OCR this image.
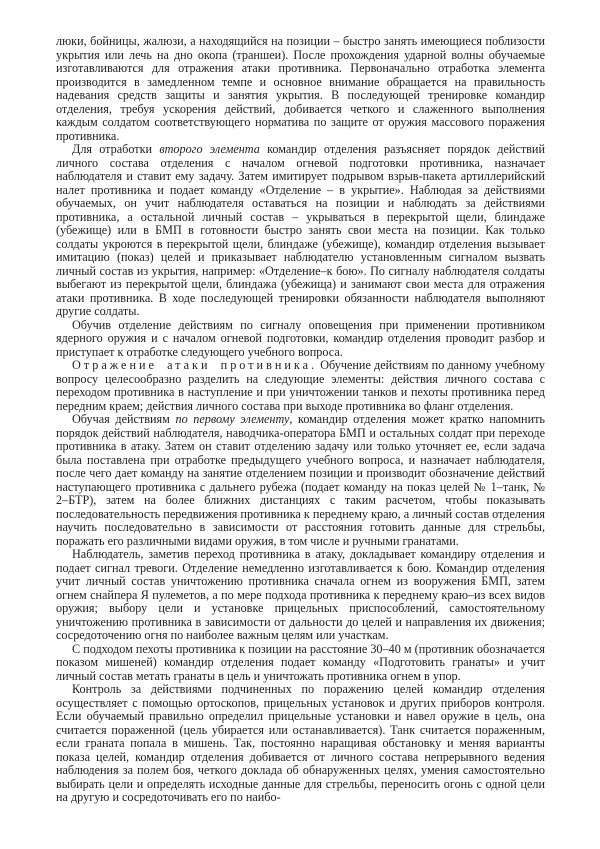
люки, бойницы, жалюзи, а находящийся на позиции – быстро занять имеющиеся поблизости укрытия или лечь на дно окопа (траншеи). После прохождения ударной волны обучаемые изготавливаются для отражения атаки противника. Первоначально отработка элемента производится в замедленном темпе и основное внимание обращается на правильность надевания средств защиты и занятия укрытия. В последующей тренировке командир отделения, требуя ускорения действий, добивается четкого и слаженного выполнения каждым солдатом соответствующего норматива по защите от оружия массового поражения противника.

Для отработки второго элемента командир отделения разъясняет порядок действий личного состава отделения с началом огневой подготовки противника, назначает наблюдателя и ставит ему задачу. Затем имитирует подрывом взрыв-пакета артиллерийский налет противника и подает команду «Отделение – в укрытие». Наблюдая за действиями обучаемых, он учит наблюдателя оставаться на позиции и наблюдать за действиями противника, а остальной личный состав – укрываться в перекрытой щели, блиндаже (убежище) или в БМП в готовности быстро занять свои места на позиции. Как только солдаты укроются в перекрытой щели, блиндаже (убежище), командир отделения вызывает имитацию (показ) целей и приказывает наблюдателю установленным сигналом вызвать личный состав из укрытия, например: «Отделение–к бою». По сигналу наблюдателя солдаты выбегают из перекрытой щели, блиндажа (убежища) и занимают свои места для отражения атаки противника. В ходе последующей тренировки обязанности наблюдателя выполняют другие солдаты.

Обучив отделение действиям по сигналу оповещения при применении противником ядерного оружия и с началом огневой подготовки, командир отделения проводит разбор и приступает к отработке следующего учебного вопроса.

Отражение атаки противника. Обучение действиям по данному учебному вопросу целесообразно разделить на следующие элементы: действия личного состава с переходом противника в наступление и при уничтожении танков и пехоты противника перед передним краем; действия личного состава при выходе противника во фланг отделения.

Обучая действиям по первому элементу, командир отделения может кратко напомнить порядок действий наблюдателя, наводчика-оператора БМП и остальных солдат при переходе противника в атаку. Затем он ставит отделению задачу или только уточняет ее, если задача была поставлена при отработке предыдущего учебного вопроса, и назначает наблюдателя, после чего дает команду на занятие отделением позиции и производит обозначение действий наступающего противника с дальнего рубежа (подает команду на показ целей № 1–танк, № 2–БТР), затем на более ближних дистанциях с таким расчетом, чтобы показывать последовательность передвижения противника к переднему краю, а личный состав отделения научить последовательно в зависимости от расстояния готовить данные для стрельбы, поражать его различными видами оружия, в том числе и ручными гранатами.

Наблюдатель, заметив переход противника в атаку, докладывает командиру отделения и подает сигнал тревоги. Отделение немедленно изготавливается к бою. Командир отделения учит личный состав уничтожению противника сначала огнем из вооружения БМП, затем огнем снайпера Я пулеметов, а по мере подхода противника к переднему краю–из всех видов оружия; выбору цели и установке прицельных приспособлений, самостоятельному уничтожению противника в зависимости от дальности до целей и направления их движения; сосредоточению огня по наиболее важным целям или участкам.

С подходом пехоты противника к позиции на расстояние 30–40 м (противник обозначается показом мишеней) командир отделения подает команду «Подготовить гранаты» и учит личный состав метать гранаты в цель и уничтожать противника огнем в упор.

Контроль за действиями подчиненных по поражению целей командир отделения осуществляет с помощью ортоскопов, прицельных установок и других приборов контроля. Если обучаемый правильно определил прицельные установки и навел оружие в цель, она считается пораженной (цель убирается или останавливается). Танк считается пораженным, если граната попала в мишень. Так, постоянно наращивая обстановку и меняя варианты показа целей, командир отделения добивается от личного состава непрерывного ведения наблюдения за полем боя, четкого доклада об обнаруженных целях, умения самостоятельно выбирать цели и определять исходные данные для стрельбы, переносить огонь с одной цели на другую и сосредоточивать его по наибо-
